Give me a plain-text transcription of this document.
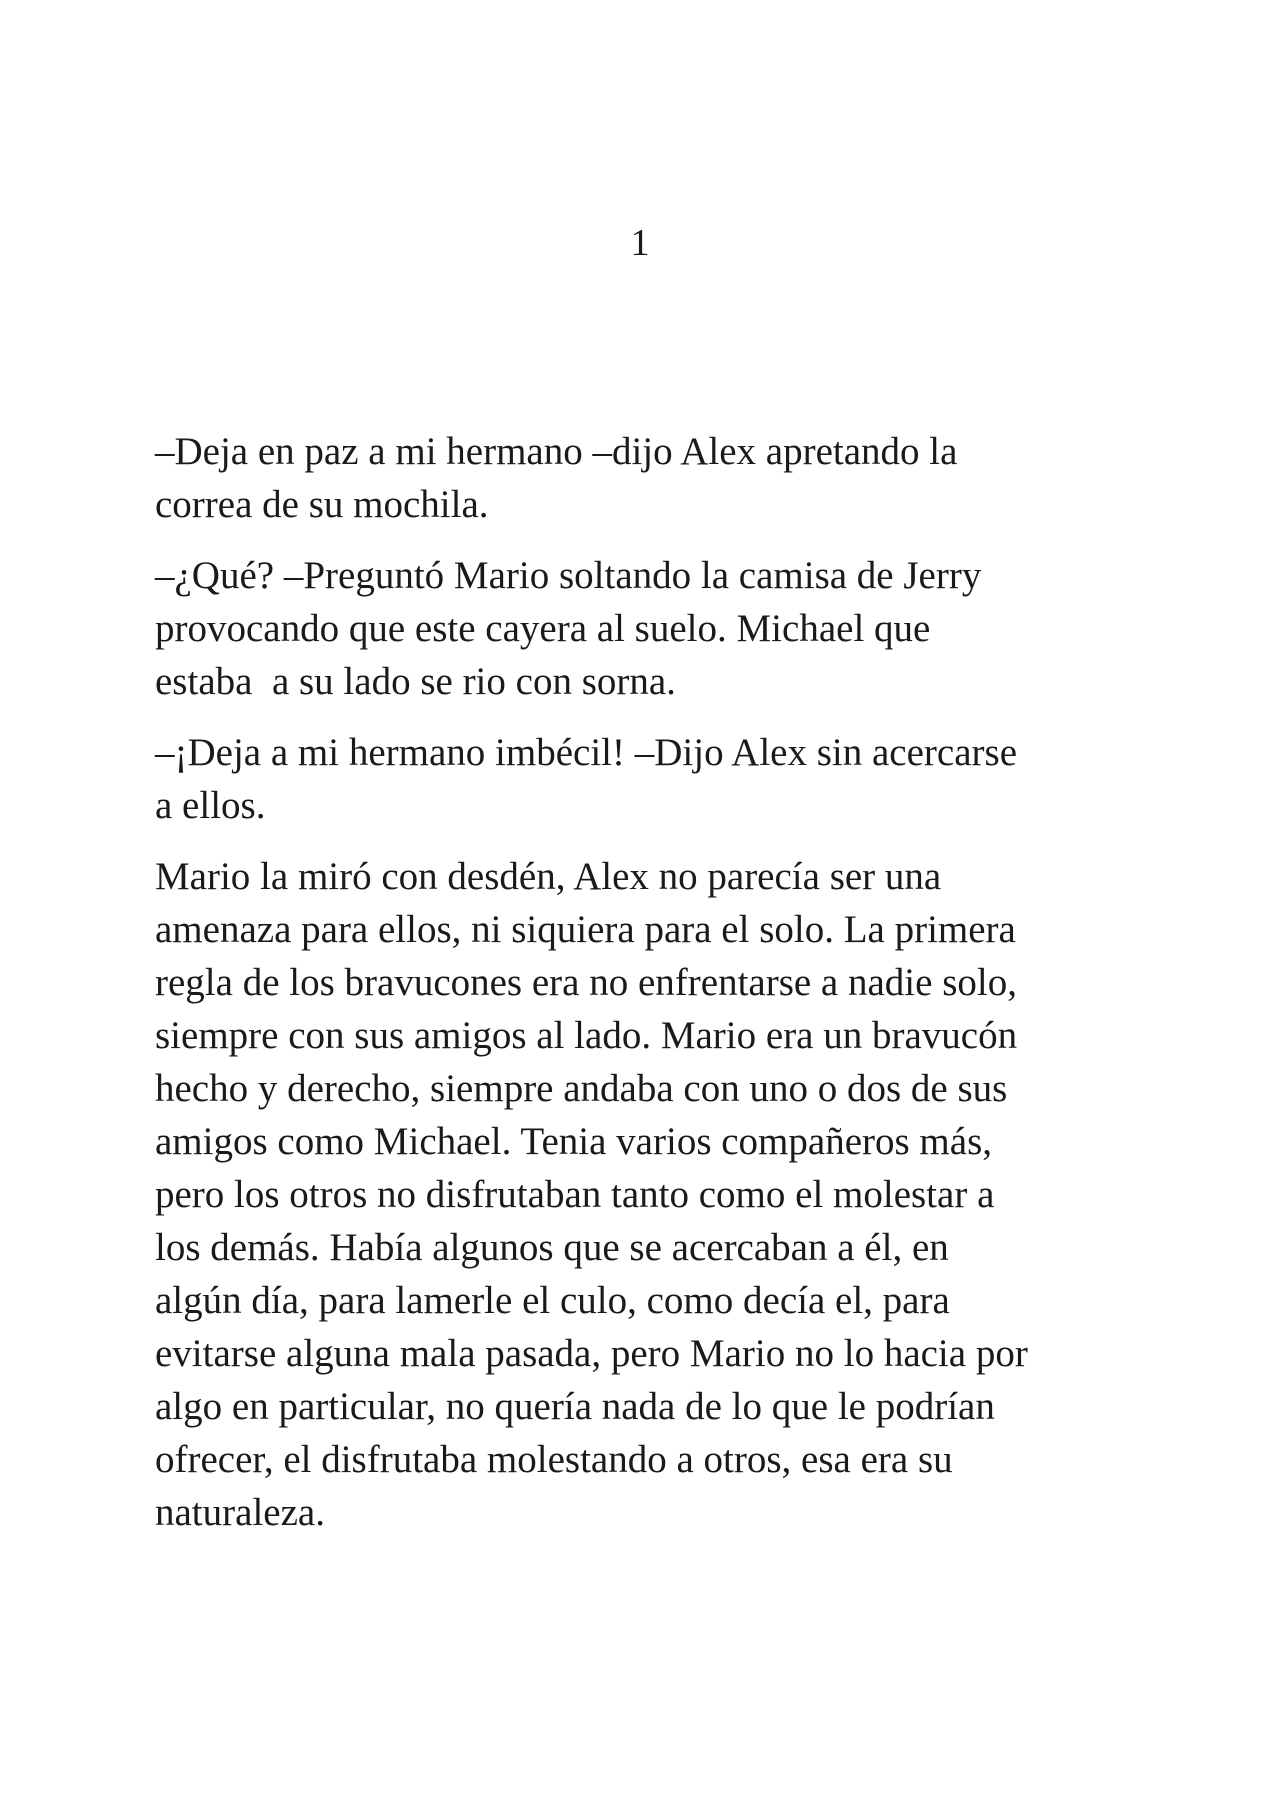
1

–Deja en paz a mi hermano –dijo Alex apretando la
correa de su mochila.

–¿Qué? –Preguntó Mario soltando la camisa de Jerry
provocando que este cayera al suelo. Michael que
estaba  a su lado se rio con sorna.

–¡Deja a mi hermano imbécil! –Dijo Alex sin acercarse
a ellos.

Mario la miró con desdén, Alex no parecía ser una
amenaza para ellos, ni siquiera para el solo. La primera
regla de los bravucones era no enfrentarse a nadie solo,
siempre con sus amigos al lado. Mario era un bravucón
hecho y derecho, siempre andaba con uno o dos de sus
amigos como Michael. Tenia varios compañeros más,
pero los otros no disfrutaban tanto como el molestar a
los demás. Había algunos que se acercaban a él, en
algún día, para lamerle el culo, como decía el, para
evitarse alguna mala pasada, pero Mario no lo hacia por
algo en particular, no quería nada de lo que le podrían
ofrecer, el disfrutaba molestando a otros, esa era su
naturaleza.
